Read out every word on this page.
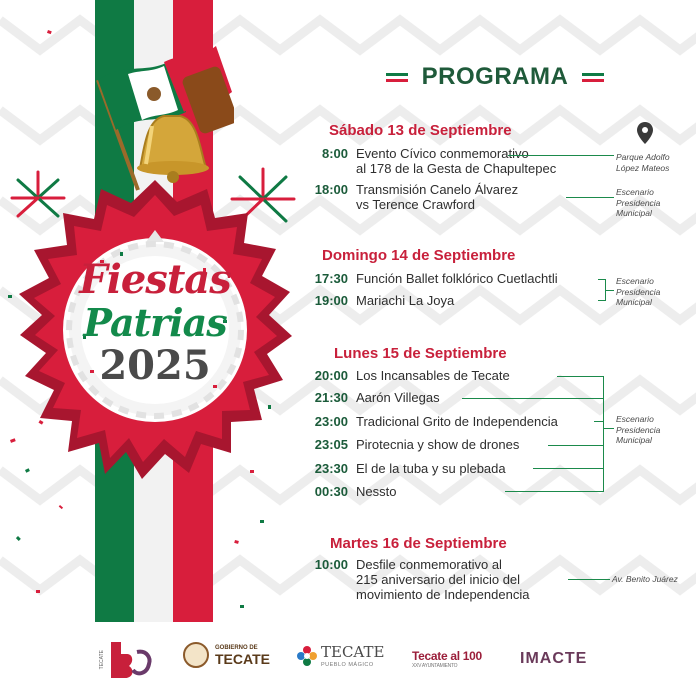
Fiestas
Patrias
2025
PROGRAMA
Sábado 13 de Septiembre
8:00 Evento Cívico conmemorativo
al 178 de la Gesta de Chapultepec
18:00 Transmisión Canelo Álvarez
vs Terence Crawford
Parque Adolfo
López Mateos
Escenario
Presidencia
Municipal
Domingo 14 de Septiembre
17:30 Función Ballet folklórico Cuetlachtli
19:00 Mariachi La Joya
Escenario
Presidencia
Municipal
Lunes 15 de Septiembre
20:00 Los Incansables de Tecate
21:30 Aarón Villegas
23:00 Tradicional Grito de Independencia
23:05 Pirotecnia y show de drones
23:30 El de la tuba y su plebada
00:30 Nessto
Escenario
Presidencia
Municipal
Martes 16 de Septiembre
10:00 Desfile conmemorativo al
215 aniversario del inicio del
movimiento de Independencia
Av. Benito Juárez
TECATE
GOBIERNO DE
TECATE	TECATE
PUEBLO MÁGICO
Tecate al 100
XXV AYUNTAMIENTO	IMACTE
